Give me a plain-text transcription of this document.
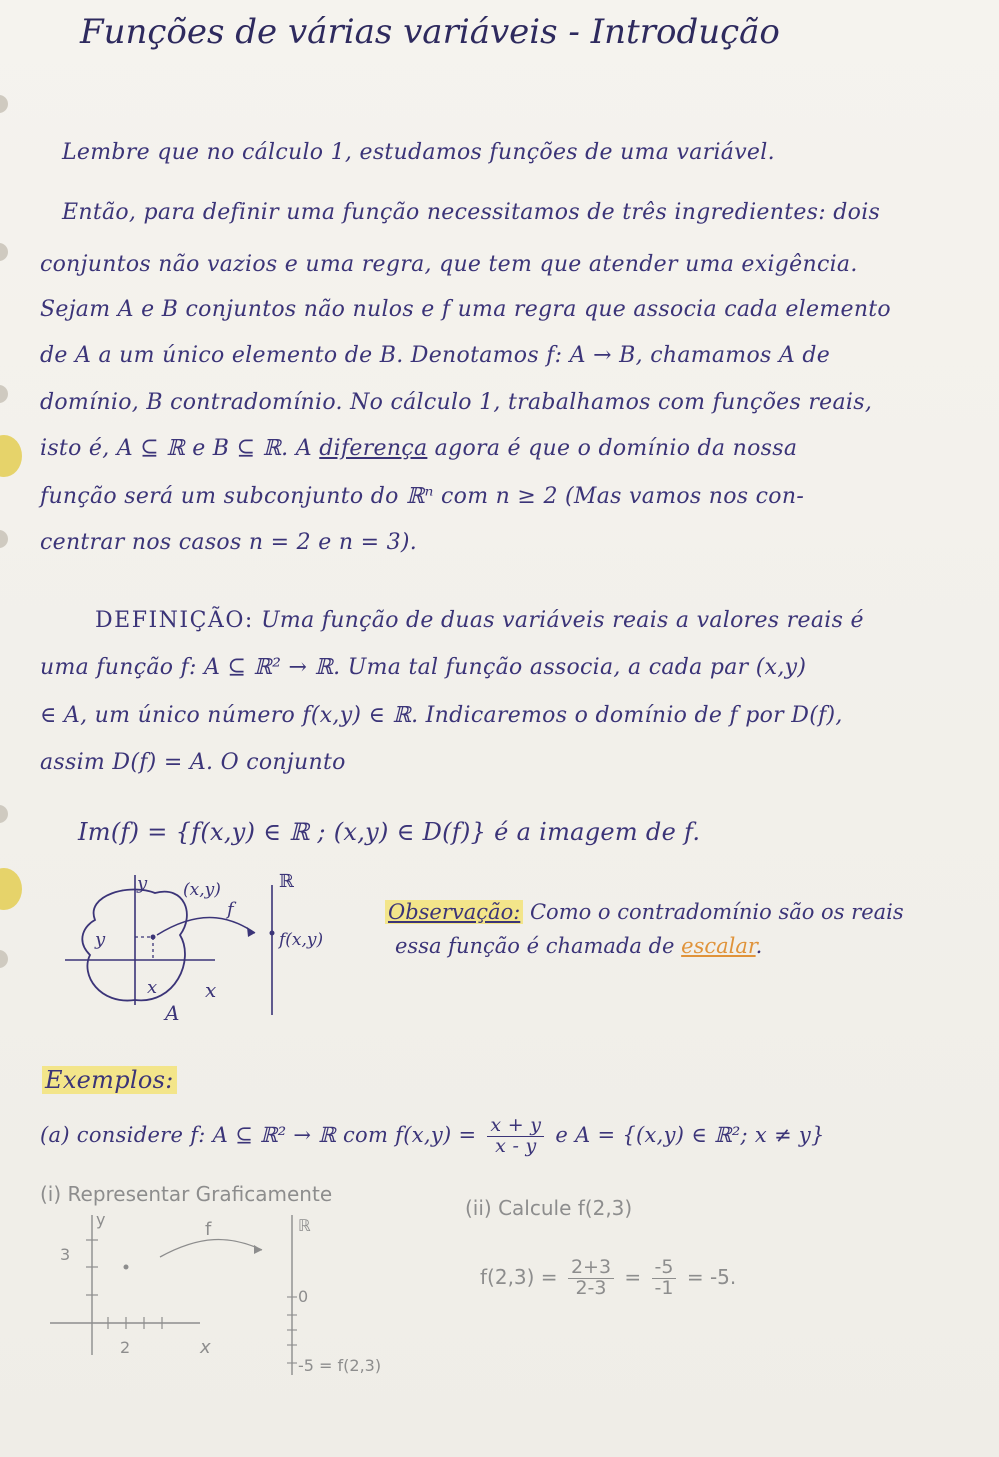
Funções de várias variáveis - Introdução
Lembre que no cálculo 1, estudamos funções de uma variável.
Então, para definir uma função necessitamos de três ingredientes: dois
conjuntos não vazios e uma regra, que tem que atender uma exigência.
Sejam A e B conjuntos não nulos e f uma regra que associa cada elemento
de A a um único elemento de B. Denotamos f: A → B, chamamos A de
domínio, B contradomínio. No cálculo 1, trabalhamos com funções reais,
isto é, A ⊆ ℝ e B ⊆ ℝ. A diferença agora é que o domínio da nossa
função será um subconjunto do ℝⁿ com n ≥ 2 (Mas vamos nos con-
centrar nos casos n = 2 e n = 3).
DEFINIÇÃO: Uma função de duas variáveis reais a valores reais é
uma função f: A ⊆ ℝ² → ℝ. Uma tal função associa, a cada par (x,y)
∈ A, um único número f(x,y) ∈ ℝ. Indicaremos o domínio de f por D(f),
assim D(f) = A. O conjunto
Im(f) = {f(x,y) ∈ ℝ ; (x,y) ∈ D(f)} é a imagem de f.
y (x,y)
f
y
x x
A
ℝ
f(x,y)
Observação: Como o contradomínio são os reais
essa função é chamada de escalar.
Exemplos:
(a) considere f: A ⊆ ℝ² → ℝ com $f(x,y) = \frac{x + y}{x - y}$ e A = {(x,y) ∈ ℝ²; x ≠ y}
(i) Representar Graficamente
(ii) Calcule f(2,3)
$f(2,3) = \frac{2+3}{2-3} = \frac{-5}{-1} = -5$.
y
3
2	x
f	ℝ
0
-5 = f(2,3)
